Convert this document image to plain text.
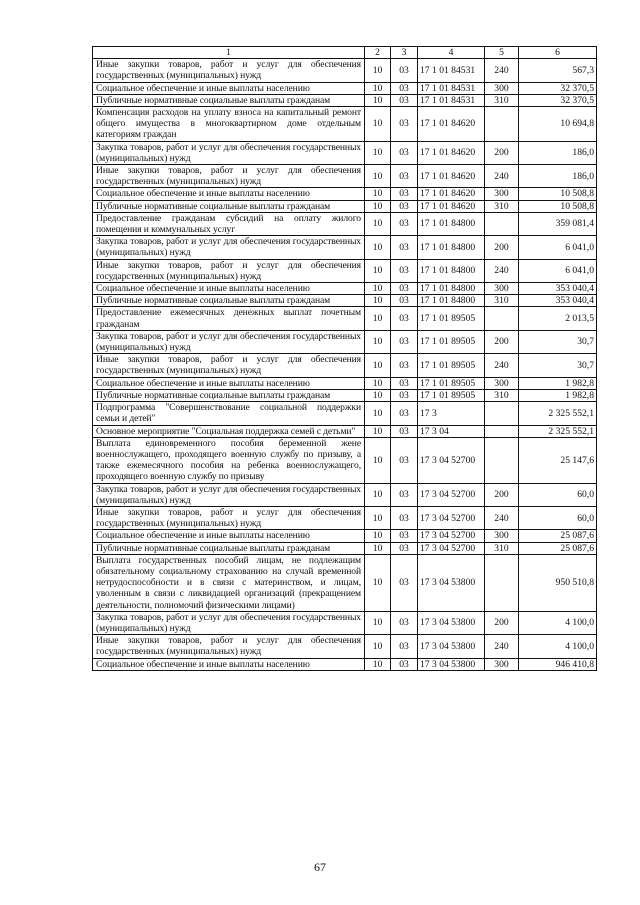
1	2	3	4	5	6
Иные закупки товаров, работ и услуг для обеспечения государственных (муниципальных) нужд	10	03	17 1 01 84531	240	567,3
Социальное обеспечение и иные выплаты населению	10	03	17 1 01 84531	300	32 370,5
Публичные нормативные социальные выплаты гражданам	10	03	17 1 01 84531	310	32 370,5
Компенсация расходов на уплату взноса на капитальный ремонт общего имущества в многоквартирном доме отдельным категориям граждан	10	03	17 1 01 84620		10 694,8
Закупка товаров, работ и услуг для обеспечения государственных (муниципальных) нужд	10	03	17 1 01 84620	200	186,0
Иные закупки товаров, работ и услуг для обеспечения государственных (муниципальных) нужд	10	03	17 1 01 84620	240	186,0
Социальное обеспечение и иные выплаты населению	10	03	17 1 01 84620	300	10 508,8
Публичные нормативные социальные выплаты гражданам	10	03	17 1 01 84620	310	10 508,8
Предоставление гражданам субсидий на оплату жилого помещения и коммунальных услуг	10	03	17 1 01 84800		359 081,4
Закупка товаров, работ и услуг для обеспечения государственных (муниципальных) нужд	10	03	17 1 01 84800	200	6 041,0
Иные закупки товаров, работ и услуг для обеспечения государственных (муниципальных) нужд	10	03	17 1 01 84800	240	6 041,0
Социальное обеспечение и иные выплаты населению	10	03	17 1 01 84800	300	353 040,4
Публичные нормативные социальные выплаты гражданам	10	03	17 1 01 84800	310	353 040,4
Предоставление ежемесячных денежных выплат почетным гражданам	10	03	17 1 01 89505		2 013,5
Закупка товаров, работ и услуг для обеспечения государственных (муниципальных) нужд	10	03	17 1 01 89505	200	30,7
Иные закупки товаров, работ и услуг для обеспечения государственных (муниципальных) нужд	10	03	17 1 01 89505	240	30,7
Социальное обеспечение и иные выплаты населению	10	03	17 1 01 89505	300	1 982,8
Публичные нормативные социальные выплаты гражданам	10	03	17 1 01 89505	310	1 982,8
Подпрограмма "Совершенствование социальной поддержки семьи и детей"	10	03	17 3		2 325 552,1
Основное мероприятие "Социальная поддержка семей с детьми"	10	03	17 3 04		2 325 552,1
Выплата единовременного пособия беременной жене военнослужащего, проходящего военную службу по призыву, а также ежемесячного пособия на ребенка военнослужащего, проходящего военную службу по призыву	10	03	17 3 04 52700		25 147,6
Закупка товаров, работ и услуг для обеспечения государственных (муниципальных) нужд	10	03	17 3 04 52700	200	60,0
Иные закупки товаров, работ и услуг для обеспечения государственных (муниципальных) нужд	10	03	17 3 04 52700	240	60,0
Социальное обеспечение и иные выплаты населению	10	03	17 3 04 52700	300	25 087,6
Публичные нормативные социальные выплаты гражданам	10	03	17 3 04 52700	310	25 087,6
Выплата государственных пособий лицам, не подлежащим обязательному социальному страхованию на случай временной нетрудоспособности и в связи с материнством, и лицам, уволенным в связи с ликвидацией организаций (прекращением деятельности, полномочий физическими лицами)	10	03	17 3 04 53800		950 510,8
Закупка товаров, работ и услуг для обеспечения государственных (муниципальных) нужд	10	03	17 3 04 53800	200	4 100,0
Иные закупки товаров, работ и услуг для обеспечения государственных (муниципальных) нужд	10	03	17 3 04 53800	240	4 100,0
Социальное обеспечение и иные выплаты населению	10	03	17 3 04 53800	300	946 410,8
67
